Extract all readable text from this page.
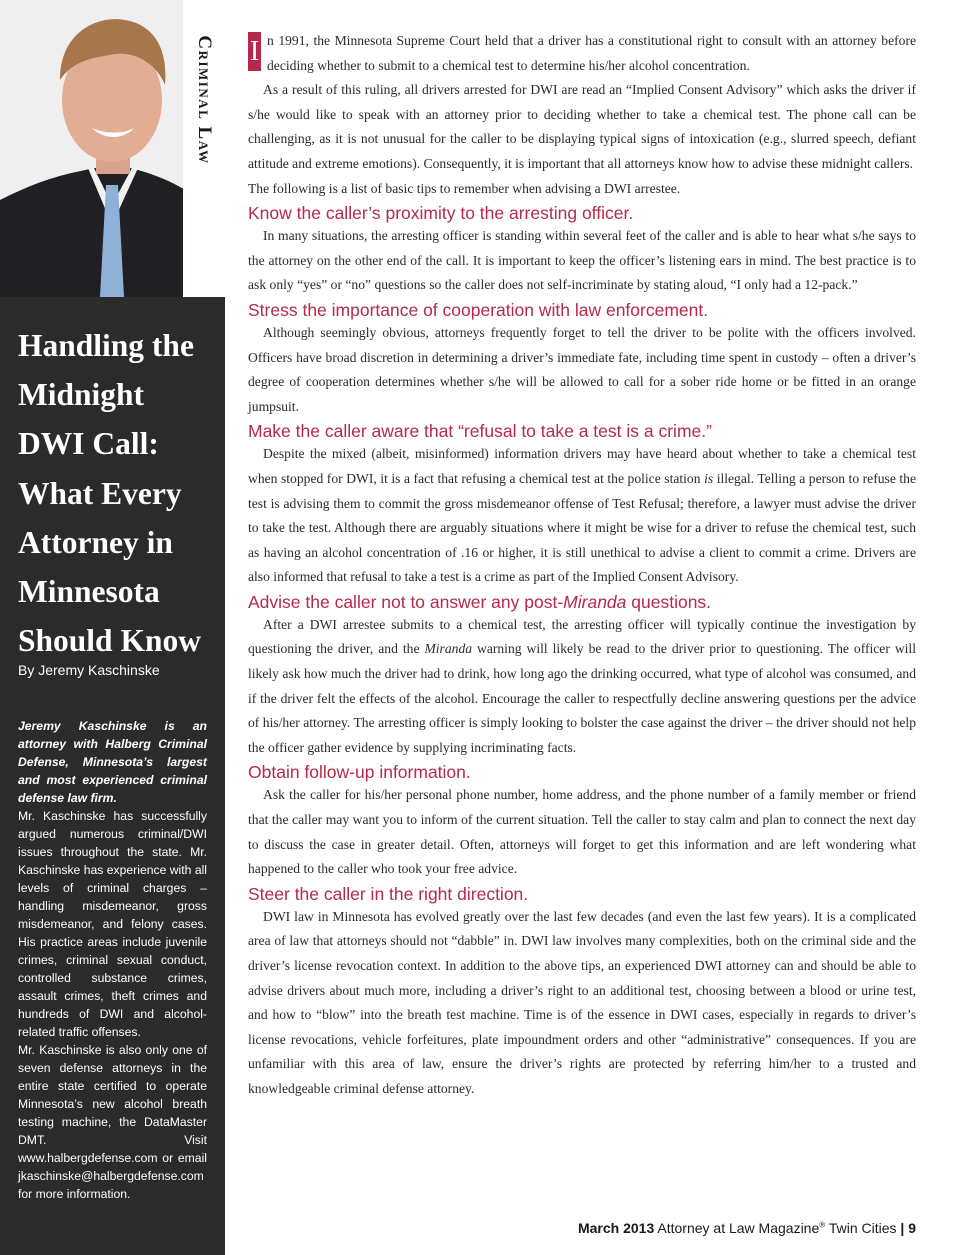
Criminal Law
Handling the Midnight DWI Call: What Every Attorney in Minnesota Should Know
By Jeremy Kaschinske

Jeremy Kaschinske is an attorney with Halberg Criminal Defense, Minnesota’s largest and most experienced criminal defense law firm.

Mr. Kaschinske has successfully argued numerous criminal/DWI issues throughout the state. Mr. Kaschinske has experience with all levels of criminal charges – handling misdemeanor, gross misdemeanor, and felony cases. His practice areas include juvenile crimes, criminal sexual conduct, controlled substance crimes, assault crimes, theft crimes and hundreds of DWI and alcohol-related traffic offenses.

Mr. Kaschinske is also only one of seven defense attorneys in the entire state certified to operate Minnesota’s new alcohol breath testing machine, the DataMaster DMT. Visit www.halbergdefense.com or email jkaschinske@halbergdefense.com for more information.

I n 1991, the Minnesota Supreme Court held that a driver has a constitutional right to consult with an attorney before deciding whether to submit to a chemical test to determine his/her alcohol concentration.

As a result of this ruling, all drivers arrested for DWI are read an “Implied Consent Advisory” which asks the driver if s/he would like to speak with an attorney prior to deciding whether to take a chemical test. The phone call can be challenging, as it is not unusual for the caller to be displaying typical signs of intoxication (e.g., slurred speech, defiant attitude and extreme emotions). Consequently, it is important that all attorneys know how to advise these midnight callers.

The following is a list of basic tips to remember when advising a DWI arrestee.

Know the caller’s proximity to the arresting officer.

In many situations, the arresting officer is standing within several feet of the caller and is able to hear what s/he says to the attorney on the other end of the call. It is important to keep the officer’s listening ears in mind. The best practice is to ask only “yes” or “no” questions so the caller does not self-incriminate by stating aloud, “I only had a 12-pack.”

Stress the importance of cooperation with law enforcement.

Although seemingly obvious, attorneys frequently forget to tell the driver to be polite with the officers involved. Officers have broad discretion in determining a driver’s immediate fate, including time spent in custody – often a driver’s degree of cooperation determines whether s/he will be allowed to call for a sober ride home or be fitted in an orange jumpsuit.

Make the caller aware that “refusal to take a test is a crime.”

Despite the mixed (albeit, misinformed) information drivers may have heard about whether to take a chemical test when stopped for DWI, it is a fact that refusing a chemical test at the police station is illegal. Telling a person to refuse the test is advising them to commit the gross misdemeanor offense of Test Refusal; therefore, a lawyer must advise the driver to take the test. Although there are arguably situations where it might be wise for a driver to refuse the chemical test, such as having an alcohol concentration of .16 or higher, it is still unethical to advise a client to commit a crime. Drivers are also informed that refusal to take a test is a crime as part of the Implied Consent Advisory.

Advise the caller not to answer any post-Miranda questions.

After a DWI arrestee submits to a chemical test, the arresting officer will typically continue the investigation by questioning the driver, and the Miranda warning will likely be read to the driver prior to questioning. The officer will likely ask how much the driver had to drink, how long ago the drinking occurred, what type of alcohol was consumed, and if the driver felt the effects of the alcohol. Encourage the caller to respectfully decline answering questions per the advice of his/her attorney. The arresting officer is simply looking to bolster the case against the driver – the driver should not help the officer gather evidence by supplying incriminating facts.

Obtain follow-up information.

Ask the caller for his/her personal phone number, home address, and the phone number of a family member or friend that the caller may want you to inform of the current situation. Tell the caller to stay calm and plan to connect the next day to discuss the case in greater detail. Often, attorneys will forget to get this information and are left wondering what happened to the caller who took your free advice.

Steer the caller in the right direction.

DWI law in Minnesota has evolved greatly over the last few decades (and even the last few years). It is a complicated area of law that attorneys should not “dabble” in. DWI law involves many complexities, both on the criminal side and the driver’s license revocation context. In addition to the above tips, an experienced DWI attorney can and should be able to advise drivers about much more, including a driver’s right to an additional test, choosing between a blood or urine test, and how to “blow” into the breath test machine. Time is of the essence in DWI cases, especially in regards to driver’s license revocations, vehicle forfeitures, plate impoundment orders and other “administrative” consequences. If you are unfamiliar with this area of law, ensure the driver’s rights are protected by referring him/her to a trusted and knowledgeable criminal defense attorney.

March 2013 Attorney at Law Magazine® Twin Cities | 9
